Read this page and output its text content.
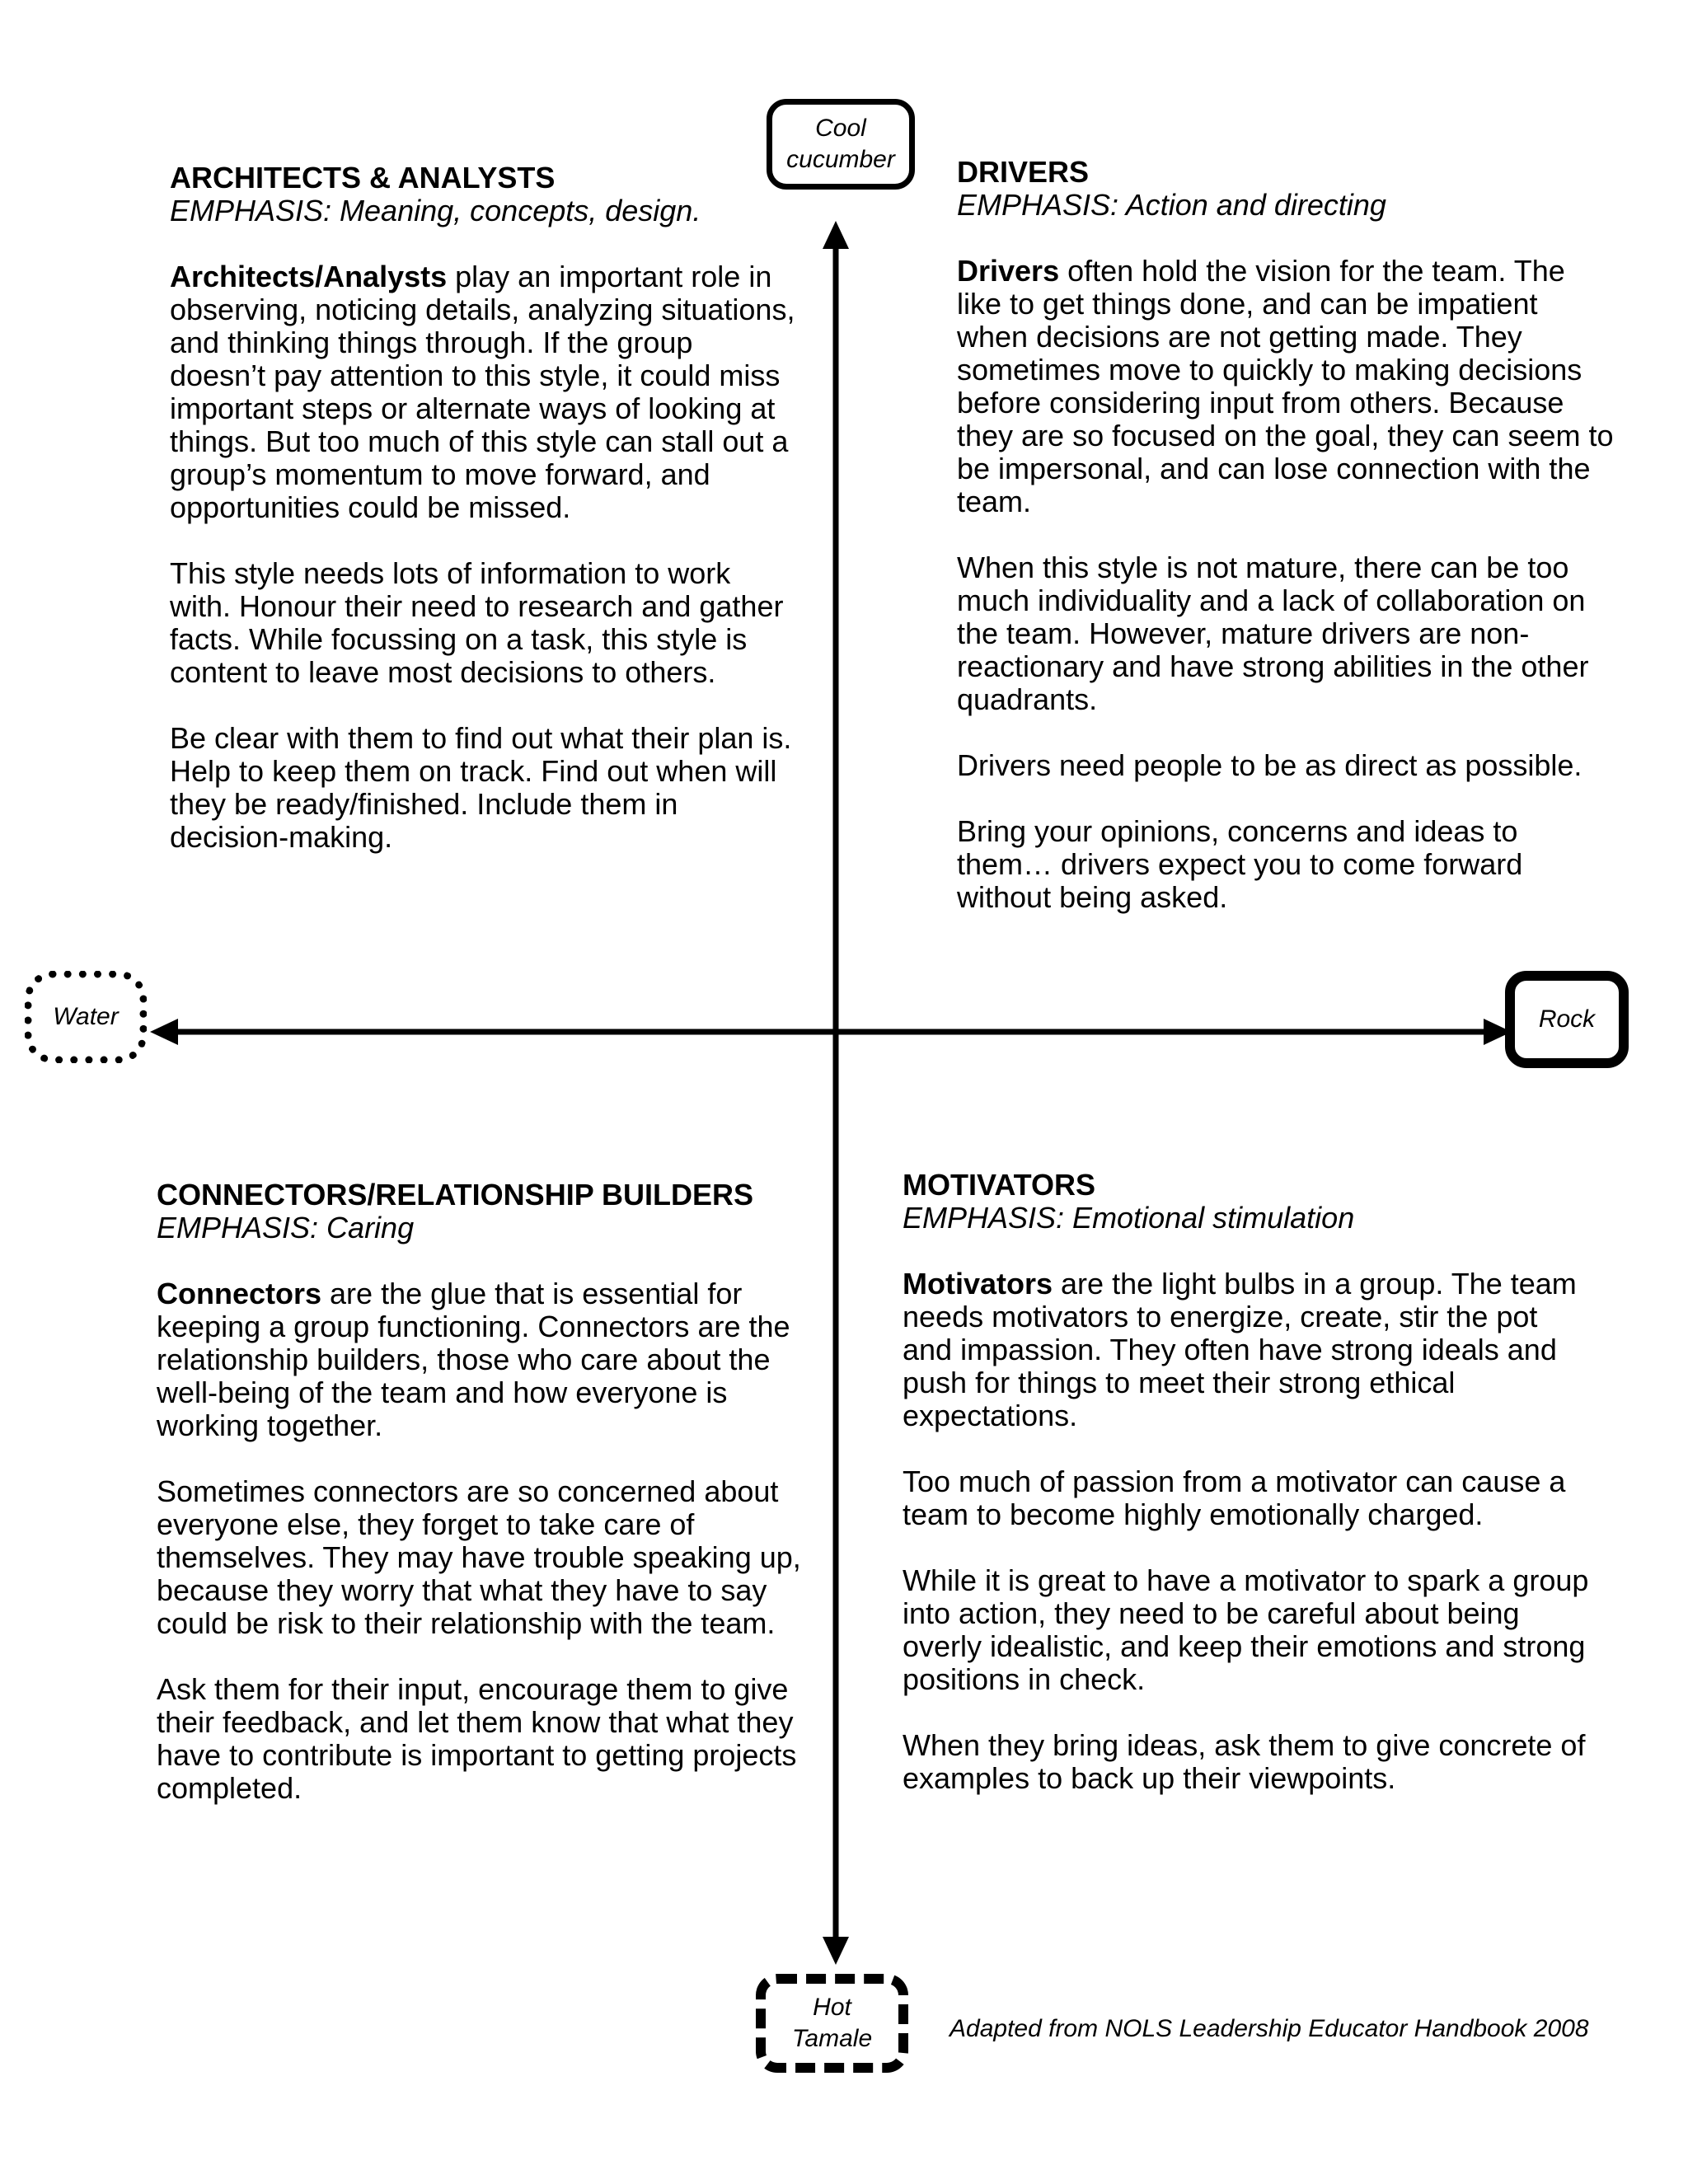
Cool
cucumber
Water	Rock
Hot
Tamale

ARCHITECTS & ANALYSTS

EMPHASIS: Meaning, concepts, design.

Architects/Analysts play an important role in observing, noticing details, analyzing situations, and thinking things through. If the group doesn’t pay attention to this style, it could miss important steps or alternate ways of looking at things. But too much of this style can stall out a group’s momentum to move forward, and opportunities could be missed.

This style needs lots of information to work with. Honour their need to research and gather facts. While focussing on a task, this style is content to leave most decisions to others.

Be clear with them to find out what their plan is. Help to keep them on track. Find out when will they be ready/finished. Include them in decision-making.

DRIVERS

EMPHASIS: Action and directing

Drivers often hold the vision for the team. The like to get things done, and can be impatient when decisions are not getting made. They sometimes move to quickly to making decisions before considering input from others. Because they are so focused on the goal, they can seem to be impersonal, and can lose connection with the team.

When this style is not mature, there can be too much individuality and a lack of collaboration on the team. However, mature drivers are non-reactionary and have strong abilities in the other quadrants.

Drivers need people to be as direct as possible.

Bring your opinions, concerns and ideas to them… drivers expect you to come forward without being asked.

CONNECTORS/RELATIONSHIP BUILDERS

EMPHASIS: Caring

Connectors are the glue that is essential for keeping a group functioning. Connectors are the relationship builders, those who care about the well-being of the team and how everyone is working together.

Sometimes connectors are so concerned about everyone else, they forget to take care of themselves. They may have trouble speaking up, because they worry that what they have to say could be risk to their relationship with the team.

Ask them for their input, encourage them to give their feedback, and let them know that what they have to contribute is important to getting projects completed.

MOTIVATORS

EMPHASIS: Emotional stimulation

Motivators are the light bulbs in a group. The team needs motivators to energize, create, stir the pot and impassion. They often have strong ideals and push for things to meet their strong ethical expectations.

Too much of passion from a motivator can cause a team to become highly emotionally charged.

While it is great to have a motivator to spark a group into action, they need to be careful about being overly idealistic, and keep their emotions and strong positions in check.

When they bring ideas, ask them to give concrete of examples to back up their viewpoints.

Adapted from NOLS Leadership Educator Handbook 2008
